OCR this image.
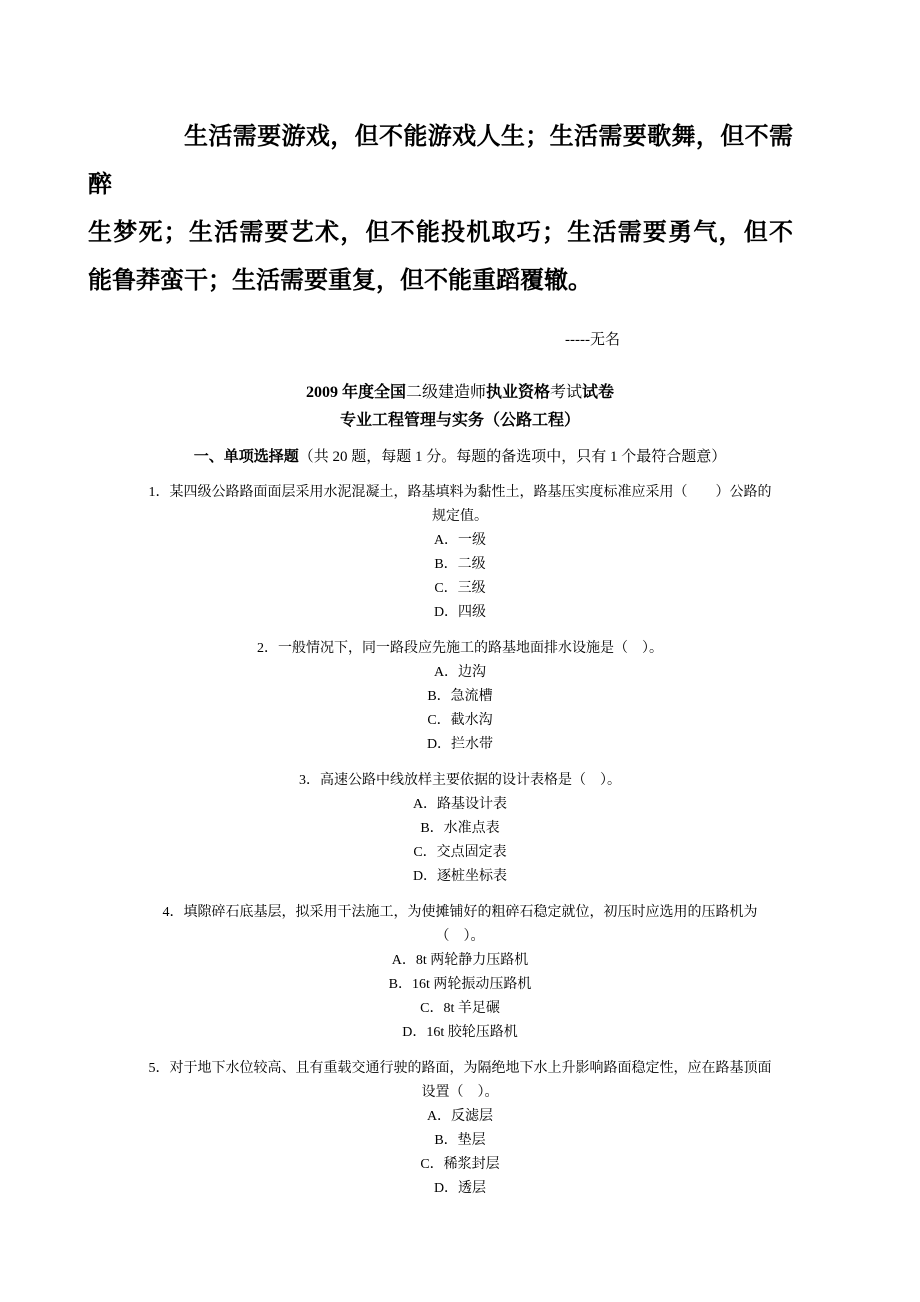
生活需要游戏，但不能游戏人生；生活需要歌舞，但不需醉
生梦死；生活需要艺术，但不能投机取巧；生活需要勇气，但不
能鲁莽蛮干；生活需要重复，但不能重蹈覆辙。
-----无名
2009 年度全国二级建造师执业资格考试试卷
专业工程管理与实务（公路工程）
一、单项选择题（共 20 题，每题 1 分。每题的备选项中，只有 1 个最符合题意）
1．某四级公路路面面层采用水泥混凝土，路基填料为黏性土，路基压实度标准应采用（　　）公路的
规定值。
A．一级
B．二级
C．三级
D．四级
2．一般情况下，同一路段应先施工的路基地面排水设施是（　）。
A．边沟
B．急流槽
C．截水沟
D．拦水带
3．高速公路中线放样主要依据的设计表格是（　）。
A．路基设计表
B．水准点表
C．交点固定表
D．逐桩坐标表
4．填隙碎石底基层，拟采用干法施工，为使摊铺好的粗碎石稳定就位，初压时应选用的压路机为
（　）。
A．8t 两轮静力压路机
B．16t 两轮振动压路机
C．8t 羊足碾
D．16t 胶轮压路机
5．对于地下水位较高、且有重载交通行驶的路面，为隔绝地下水上升影响路面稳定性，应在路基顶面
设置（　）。
A．反滤层
B．垫层
C．稀浆封层
D．透层
